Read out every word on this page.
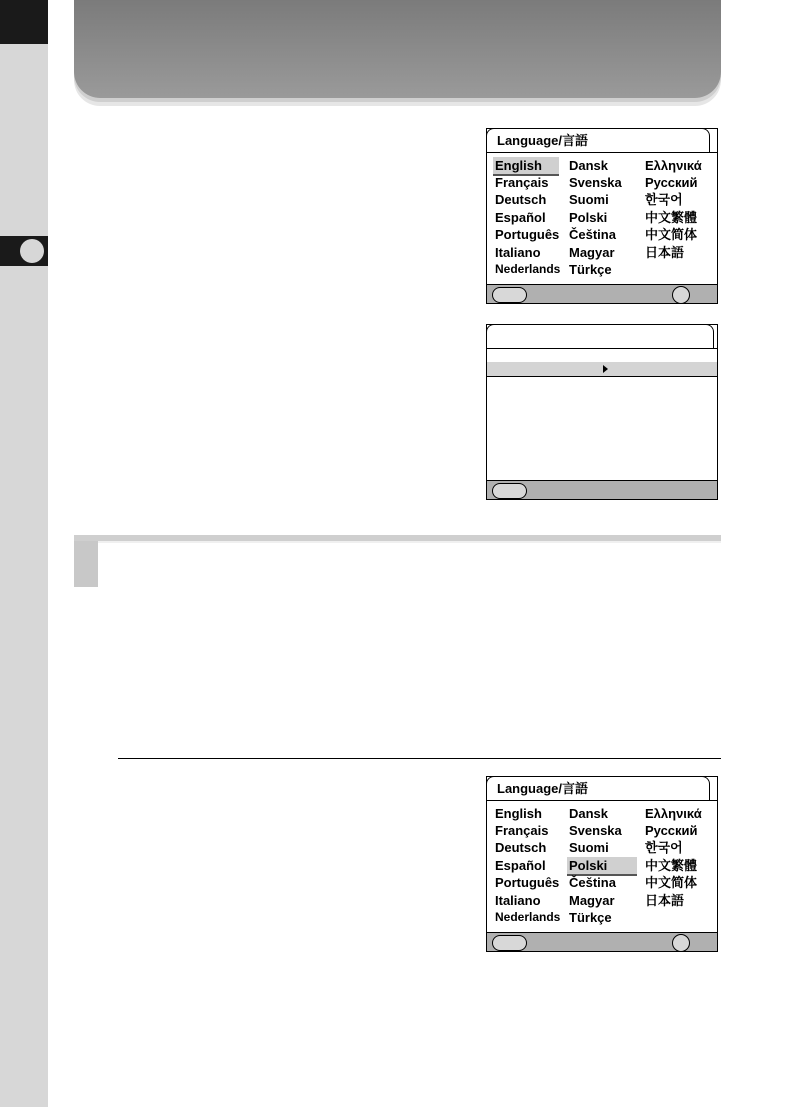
Language/言語
English
Français
Deutsch
Español
Português
Italiano
Nederlands
Dansk
Svenska
Suomi
Polski
Čeština
Magyar
Türkçe
Ελληνικά
Русский
한국어
中文繁體
中文简体
日本語
Language/言語
English
Français
Deutsch
Español
Português
Italiano
Nederlands
Dansk
Svenska
Suomi
Polski
Čeština
Magyar
Türkçe
Ελληνικά
Русский
한국어
中文繁體
中文简体
日本語
